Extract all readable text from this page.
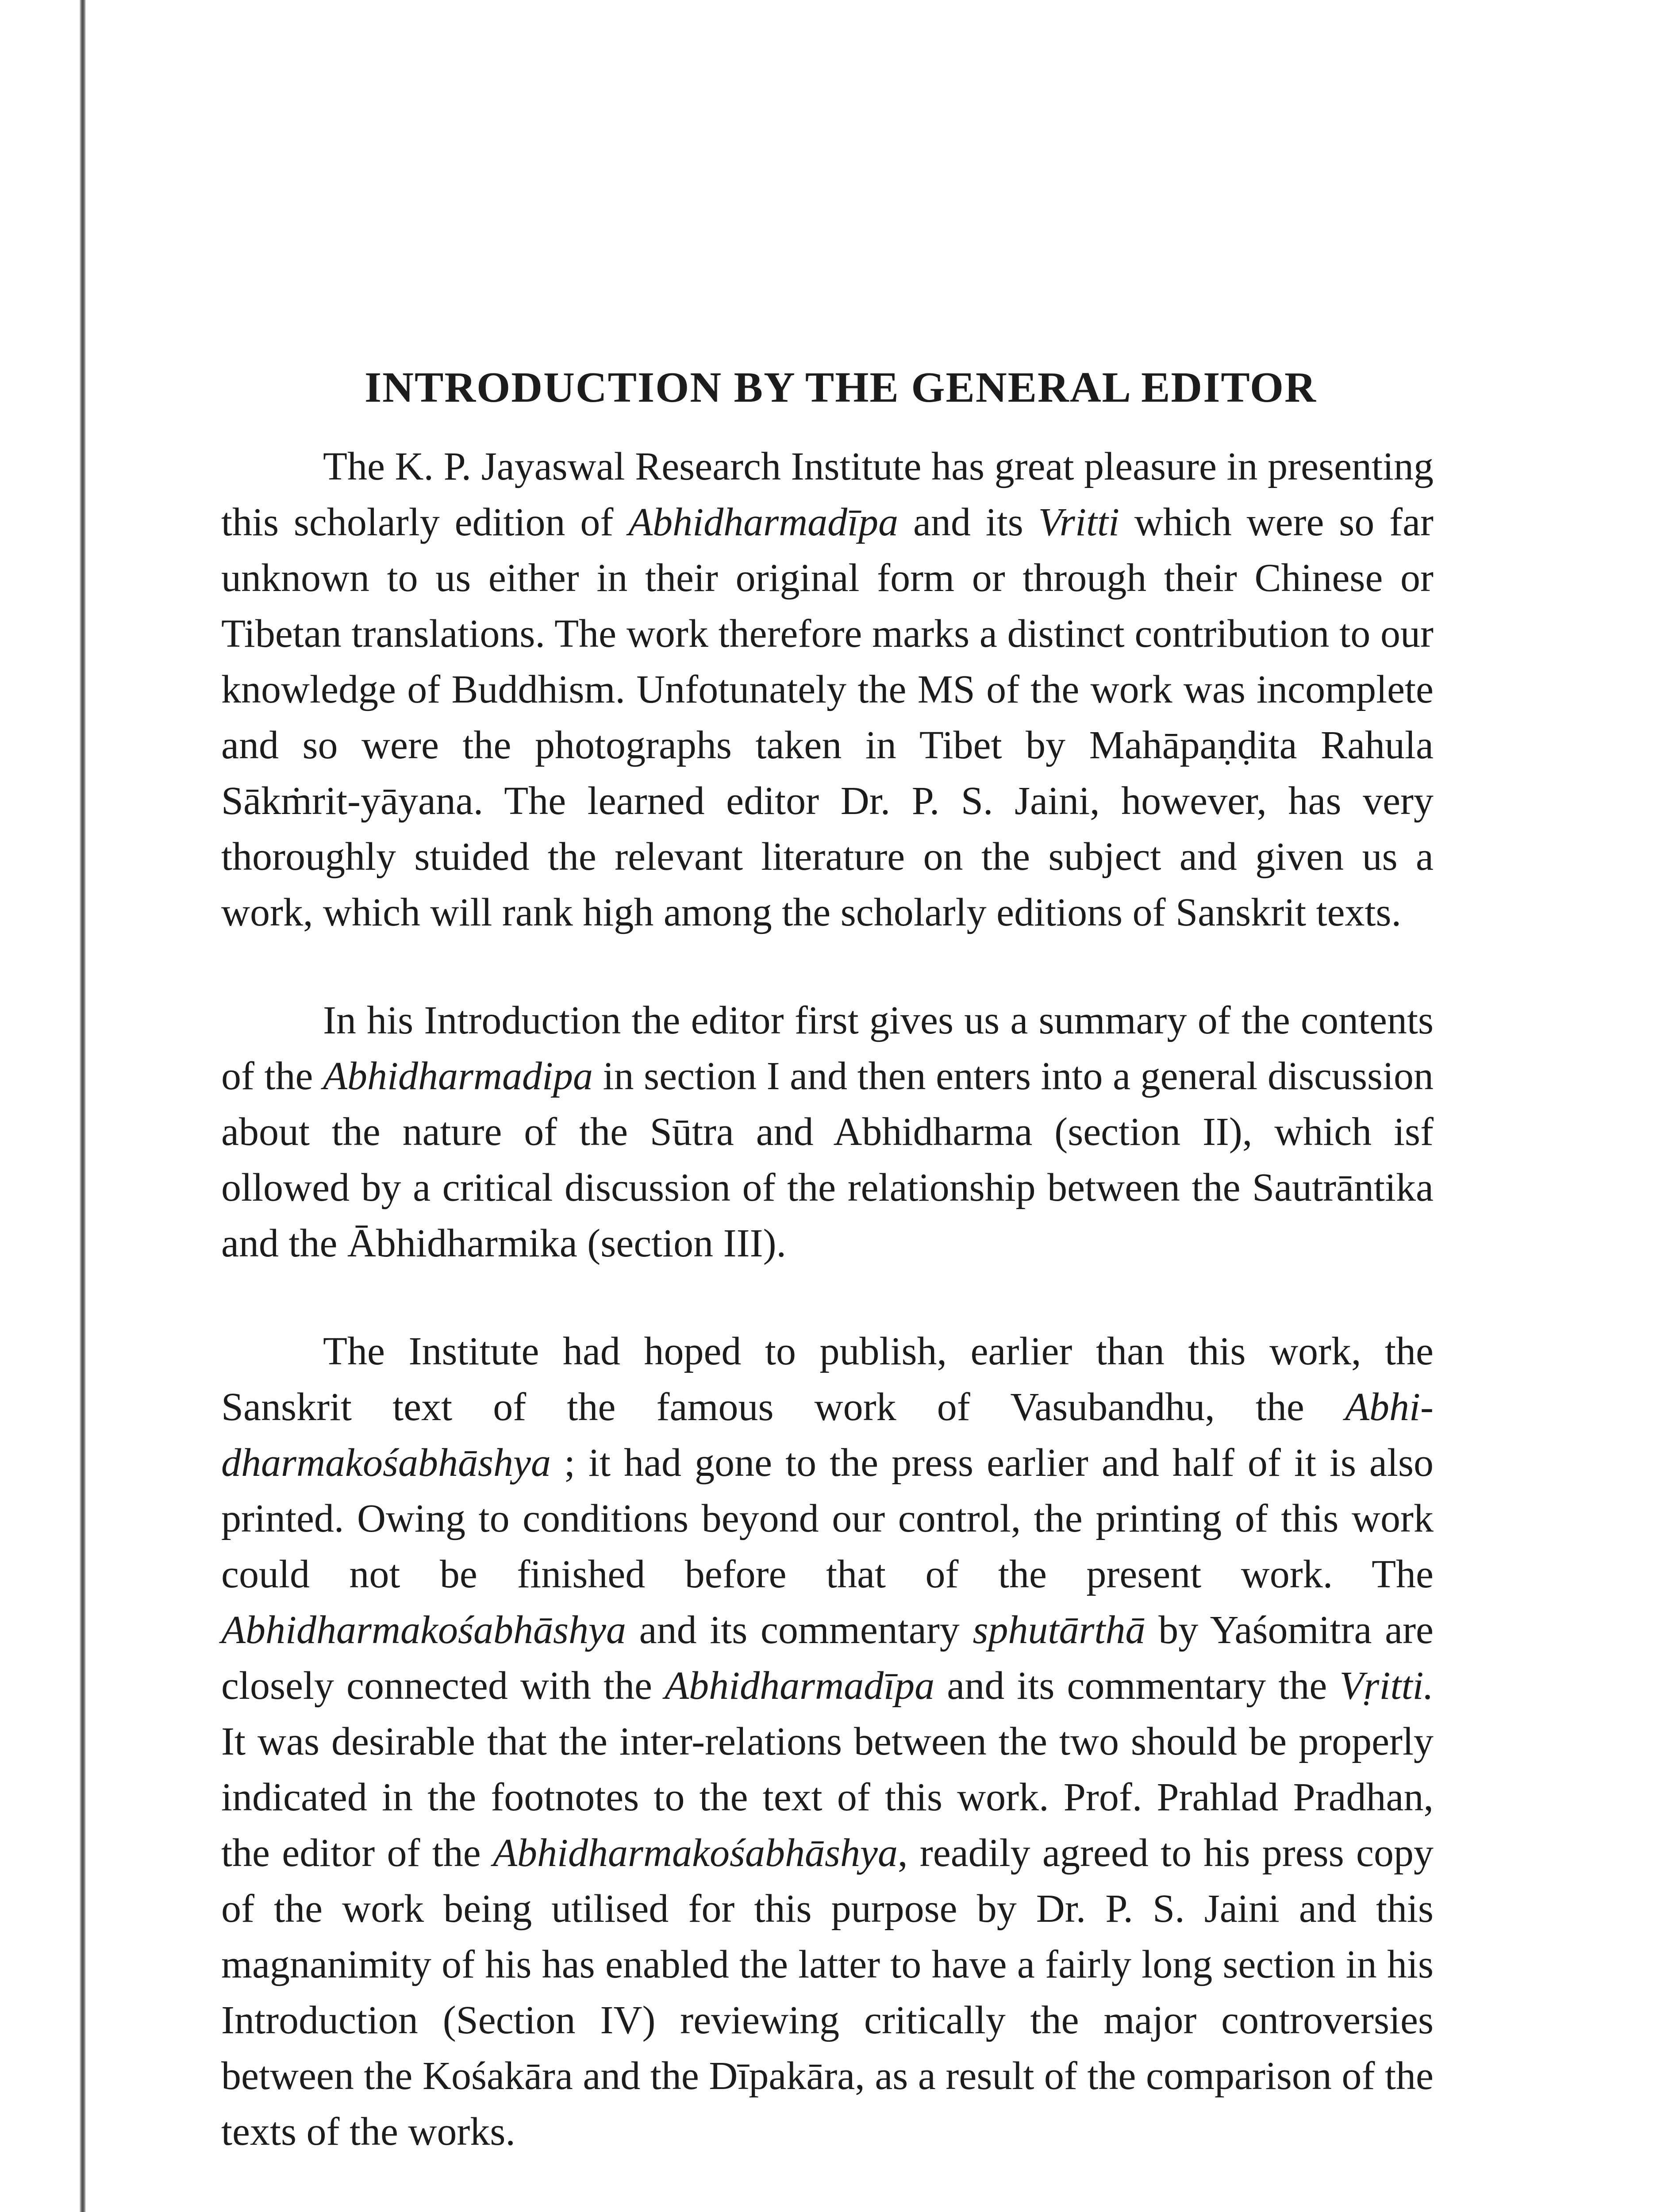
INTRODUCTION BY THE GENERAL EDITOR

The K. P. Jayaswal Research Institute has great pleasure in presenting this scholarly edition of Abhidharmadīpa and its Vritti which were so far unknown to us either in their original form or through their Chinese or Tibetan translations. The work therefore marks a distinct contribution to our knowledge of Buddhism. Unfotunately the MS of the work was incomplete and so were the photographs taken in Tibet by Mahāpaṇḍita Rahula Sākṁrit-yāyana. The learned editor Dr. P. S. Jaini, however, has very thoroughly stuided the relevant literature on the subject and given us a work, which will rank high among the scholarly editions of Sanskrit texts.

In his Introduction the editor first gives us a summary of the contents of the Abhidharmadipa in section I and then enters into a general discussion about the nature of the Sūtra and Abhidharma (section II), which isf ollowed by a critical discussion of the relationship between the Sautrāntika and the Ābhidharmika (section III).

The Institute had hoped to publish, earlier than this work, the Sanskrit text of the famous work of Vasubandhu, the Abhi-dharmakośabhāshya ; it had gone to the press earlier and half of it is also printed. Owing to conditions beyond our control, the printing of this work could not be finished before that of the present work. The Abhidharmakośabhāshya and its commentary sphutārthā by Yaśomitra are closely connected with the Abhidharmadīpa and its commentary the Vṛitti. It was desirable that the inter-relations between the two should be properly indicated in the footnotes to the text of this work. Prof. Prahlad Pradhan, the editor of the Abhidharmakośabhāshya, readily agreed to his press copy of the work being utilised for this purpose by Dr. P. S. Jaini and this magnanimity of his has enabled the latter to have a fairly long section in his Introduction (Section IV) reviewing critically the major controversies between the Kośakāra and the Dīpakāra, as a result of the comparison of the texts of the works.
